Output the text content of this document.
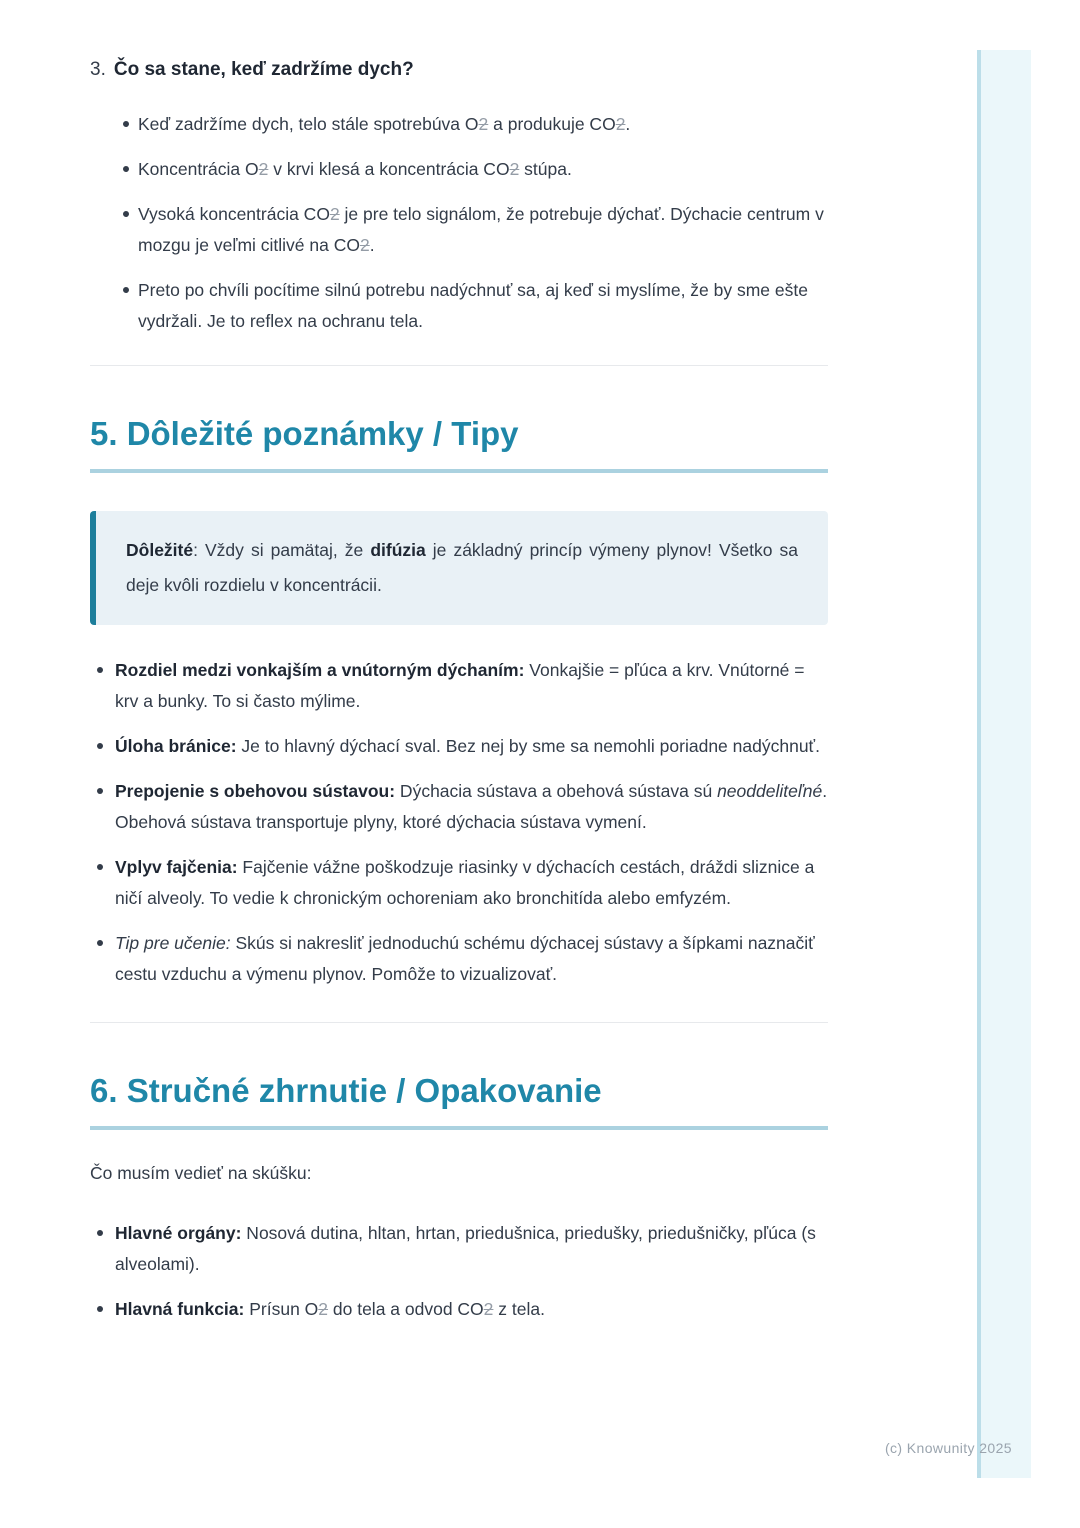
3. Čo sa stane, keď zadržíme dych?
Keď zadržíme dych, telo stále spotrebúva O2 a produkuje CO2.
Koncentrácia O2 v krvi klesá a koncentrácia CO2 stúpa.
Vysoká koncentrácia CO2 je pre telo signálom, že potrebuje dýchať. Dýchacie centrum v mozgu je veľmi citlivé na CO2.
Preto po chvíli pocítime silnú potrebu nadýchnuť sa, aj keď si myslíme, že by sme ešte vydržali. Je to reflex na ochranu tela.
5. Dôležité poznámky / Tipy

Dôležité: Vždy si pamätaj, že difúzia je základný princíp výmeny plynov! Všetko sa deje kvôli rozdielu v koncentrácii.

Rozdiel medzi vonkajším a vnútorným dýchaním: Vonkajšie = pľúca a krv. Vnútorné = krv a bunky. To si často mýlime.
Úloha bránice: Je to hlavný dýchací sval. Bez nej by sme sa nemohli poriadne nadýchnuť.
Prepojenie s obehovou sústavou: Dýchacia sústava a obehová sústava sú neoddeliteľné. Obehová sústava transportuje plyny, ktoré dýchacia sústava vymení.
Vplyv fajčenia: Fajčenie vážne poškodzuje riasinky v dýchacích cestách, dráždi sliznice a ničí alveoly. To vedie k chronickým ochoreniam ako bronchitída alebo emfyzém.
Tip pre učenie: Skús si nakresliť jednoduchú schému dýchacej sústavy a šípkami naznačiť cestu vzduchu a výmenu plynov. Pomôže to vizualizovať.
6. Stručné zhrnutie / Opakovanie

Čo musím vedieť na skúšku:

Hlavné orgány: Nosová dutina, hltan, hrtan, priedušnica, priedušky, priedušničky, pľúca (s alveolami).
Hlavná funkcia: Prísun O2 do tela a odvod CO2 z tela.
(c) Knowunity 2025
